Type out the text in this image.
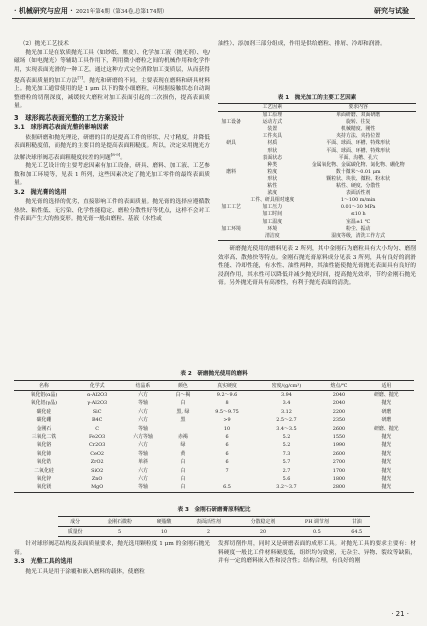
· 机械研究与应用 · 2021年第4期（第34卷,总第174期）	研究与试验

（2）抛光工艺技术

抛光加工是在软质抛光工具（如纱纸、塵皮）、化学加工液（抛光剂）、电/磁场（如电抛光）等辅助工具作用下，利用微小磨粒之间的机械作用和化学作用，实现表面光滑的一种工艺，通过这种方式完全消除加工变质层，从而获得提高表面质量的加工方法[7]。抛光和研磨的不同，主要表现在磨料和研具材料上。抛光加工通常使用的是 1 μm 以下的微小细磨粒，可根据接触状态自动调整磨粒的切削深度，减缓较大磨粒对加工表面引起的二次损伤，提高表面质量。

3　球形阀芯表面光整的工艺方案设计
3.1　球形阀芯表面光整的影响因素

依据研磨和抛光理论，研磨的目的是提高工件的形状、尺寸精度，并降低表面粗糙度值，而抛光的主要目的是提高表面粗糙度。所以，决定采用抛光方法解决球形阀芯表面粗糙度较差的问题[8-9]。

抛光工艺设计的主要考虑因素有加工设备，研具、磨料、加工液、工艺参数和加工环境等，见表 1 所列，这些因素决定了抛光加工零件的最终表面质量。

3.2　抛光膏的选用

抛光膏的选择的优劣，直接影响工件的表面质量。抛光膏的选择应遵循散热快、粘性低、无污染、化学性能稳定、磨粒分散性好等优点，这样不会对工件表面产生大的热变形。抛光膏一般由磨粒、基液（水性或

油性）、添加剂三部分组成，作用是供给磨粒、排屑、冷却和润滑。

表 1　抛光加工的主要工艺因素
	工艺因素	要求内容
	加工原理	单面研磨、双面研磨
加工设备	运动方式	旋转、往复
	装置	机械精度、刚性
	工件夹具	夹持方法、夹持位置
研具	材质	平面、球面、环槽、特殊形状
	形状	平面、球面、环槽、特殊形状
	表面状态	平面、沟槽、孔穴
	种类	金属氧化物、金属碳化物、氮化物、硼化物
磨料	粒度	数十微米～0.01 μm
	形状	颗粒状、块状、微粉、粉末状
	粘性	粘性、硬度、分散性
	浓度	表面活性剂
	工件、研具相对速度	1～100 m/min
加工工艺	加工压力	0.01～30 MPa
	加工时间	≤10 h
	加工温度	室温±1 ℃
加工环境	环境	粉尘、振动
	清洁度	湿度等级，清洗工作方式

研磨抛光使用的磨料见表 2 所列，其中金刚石为磨粒具有大小均匀、磨削效率高、散热快等特点。金刚石抛光膏原料成分见表 3 所列，具有良好的润滑性能、冷却性能，有水性、油性两种，其油性能使抛光膏抛光表面具有良好的浸润作用，其水性可以降低并减少抛光时间，提高抛光效率，节约金刚石抛光膏。另外抛光膏具有高渗性，有利于抛光表面的清洗。

表 2　研磨抛光使用的磨料
名称	化学式	结晶系	颜色	真实硬度	密度/(g/cm³)	熔点/℃	适用
氧化铝(α晶)	α-Al2O3	六方	白～褐	9.2～9.6	3.94	2040	研磨、抛光
氧化铝(γ晶)	γ-Al2O3	等轴	白	8	3.4	2040	抛光
碳化硅	SiC	六方	黑, 绿	9.5～9.75	3.12	2200	研磨
碳化硼	B4C	六方	黑	>9	2.5～2.7	2350	研磨
金刚石	C	等轴		10	3.4～3.5	2600	研磨、抛光
三氧化二铁	Fe2O3	六方等轴	赤褐	6	5.2	1550	抛光
氧化铬	Cr2O3	六方	绿	6	5.2	1990	抛光
氧化铈	CeO2	等轴	黄	6	7.3	2600	抛光
氧化锆	ZrO2	单斜	白	6	5.7	2700	抛光
二氧化硅	SiO2	六方	白	7	2.7	1700	抛光
氧化锌	ZnO	六方	白		5.6	1800	抛光
氧化镁	MgO	等轴	白	6.5	3.2～3.7	2800	抛光
表 3　金刚石研磨膏原料配比
成分	金刚石微粉	硬脂酸	表面活性剂	分散稳定剂	PH 调节剂	甘油
质量份	5	10	2	20	0.5	64.5

针对球形阀芯结构及表面质量要求，抛光选用颗粒度 1 μm 的金刚石抛光膏。

3.3　光整工具的选用

抛光工具是用于涂覆和嵌入磨料的载体，使磨粒

发挥切削作用，同时又是研磨表面的成形工具。对抛光工具的要求主要有：材料硬度一般比工件材料硬度低，组织均匀致密，无杂尘、异物、裂纹等缺陷，并有一定的磨料嵌入性和浸含性；结构合理，有良好的刚

· 21 ·
